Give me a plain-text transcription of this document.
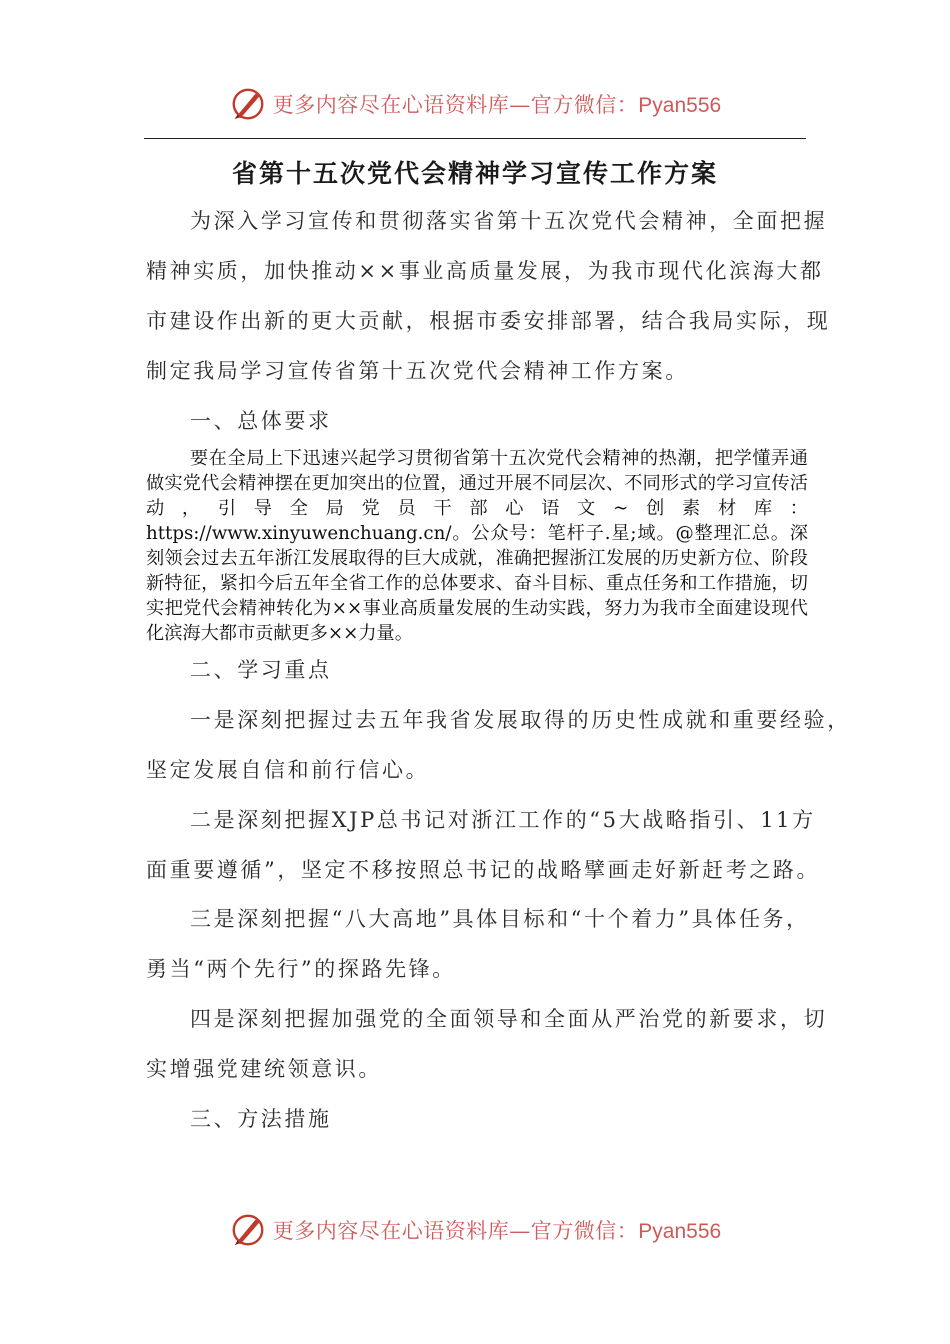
更多内容尽在心语资料库—官方微信：Pyan556
省第十五次党代会精神学习宣传工作方案
为深入学习宣传和贯彻落实省第十五次党代会精神，全面把握
精神实质，加快推动××事业高质量发展，为我市现代化滨海大都
市建设作出新的更大贡献，根据市委安排部署，结合我局实际，现
制定我局学习宣传省第十五次党代会精神工作方案。
一、总体要求
要在全局上下迅速兴起学习贯彻省第十五次党代会精神的热潮，把学懂弄通做实党代会精神摆在更加突出的位置，通过开展不同层次、不同形式的学习宣传活动，引导全局党员干部心语文~创素材库：https://www.xinyuwenchuang.cn/。公众号：笔杆子.星;域。@整理汇总。深刻领会过去五年浙江发展取得的巨大成就，准确把握浙江发展的历史新方位、阶段新特征，紧扣今后五年全省工作的总体要求、奋斗目标、重点任务和工作措施，切实把党代会精神转化为××事业高质量发展的生动实践，努力为我市全面建设现代化滨海大都市贡献更多××力量。
二、学习重点
一是深刻把握过去五年我省发展取得的历史性成就和重要经验，
坚定发展自信和前行信心。
二是深刻把握XJP总书记对浙江工作的“5大战略指引、11方
面重要遵循”，坚定不移按照总书记的战略擘画走好新赶考之路。
三是深刻把握“八大高地”具体目标和“十个着力”具体任务，
勇当“两个先行”的探路先锋。
四是深刻把握加强党的全面领导和全面从严治党的新要求，切
实增强党建统领意识。
三、方法措施
更多内容尽在心语资料库—官方微信：Pyan556
